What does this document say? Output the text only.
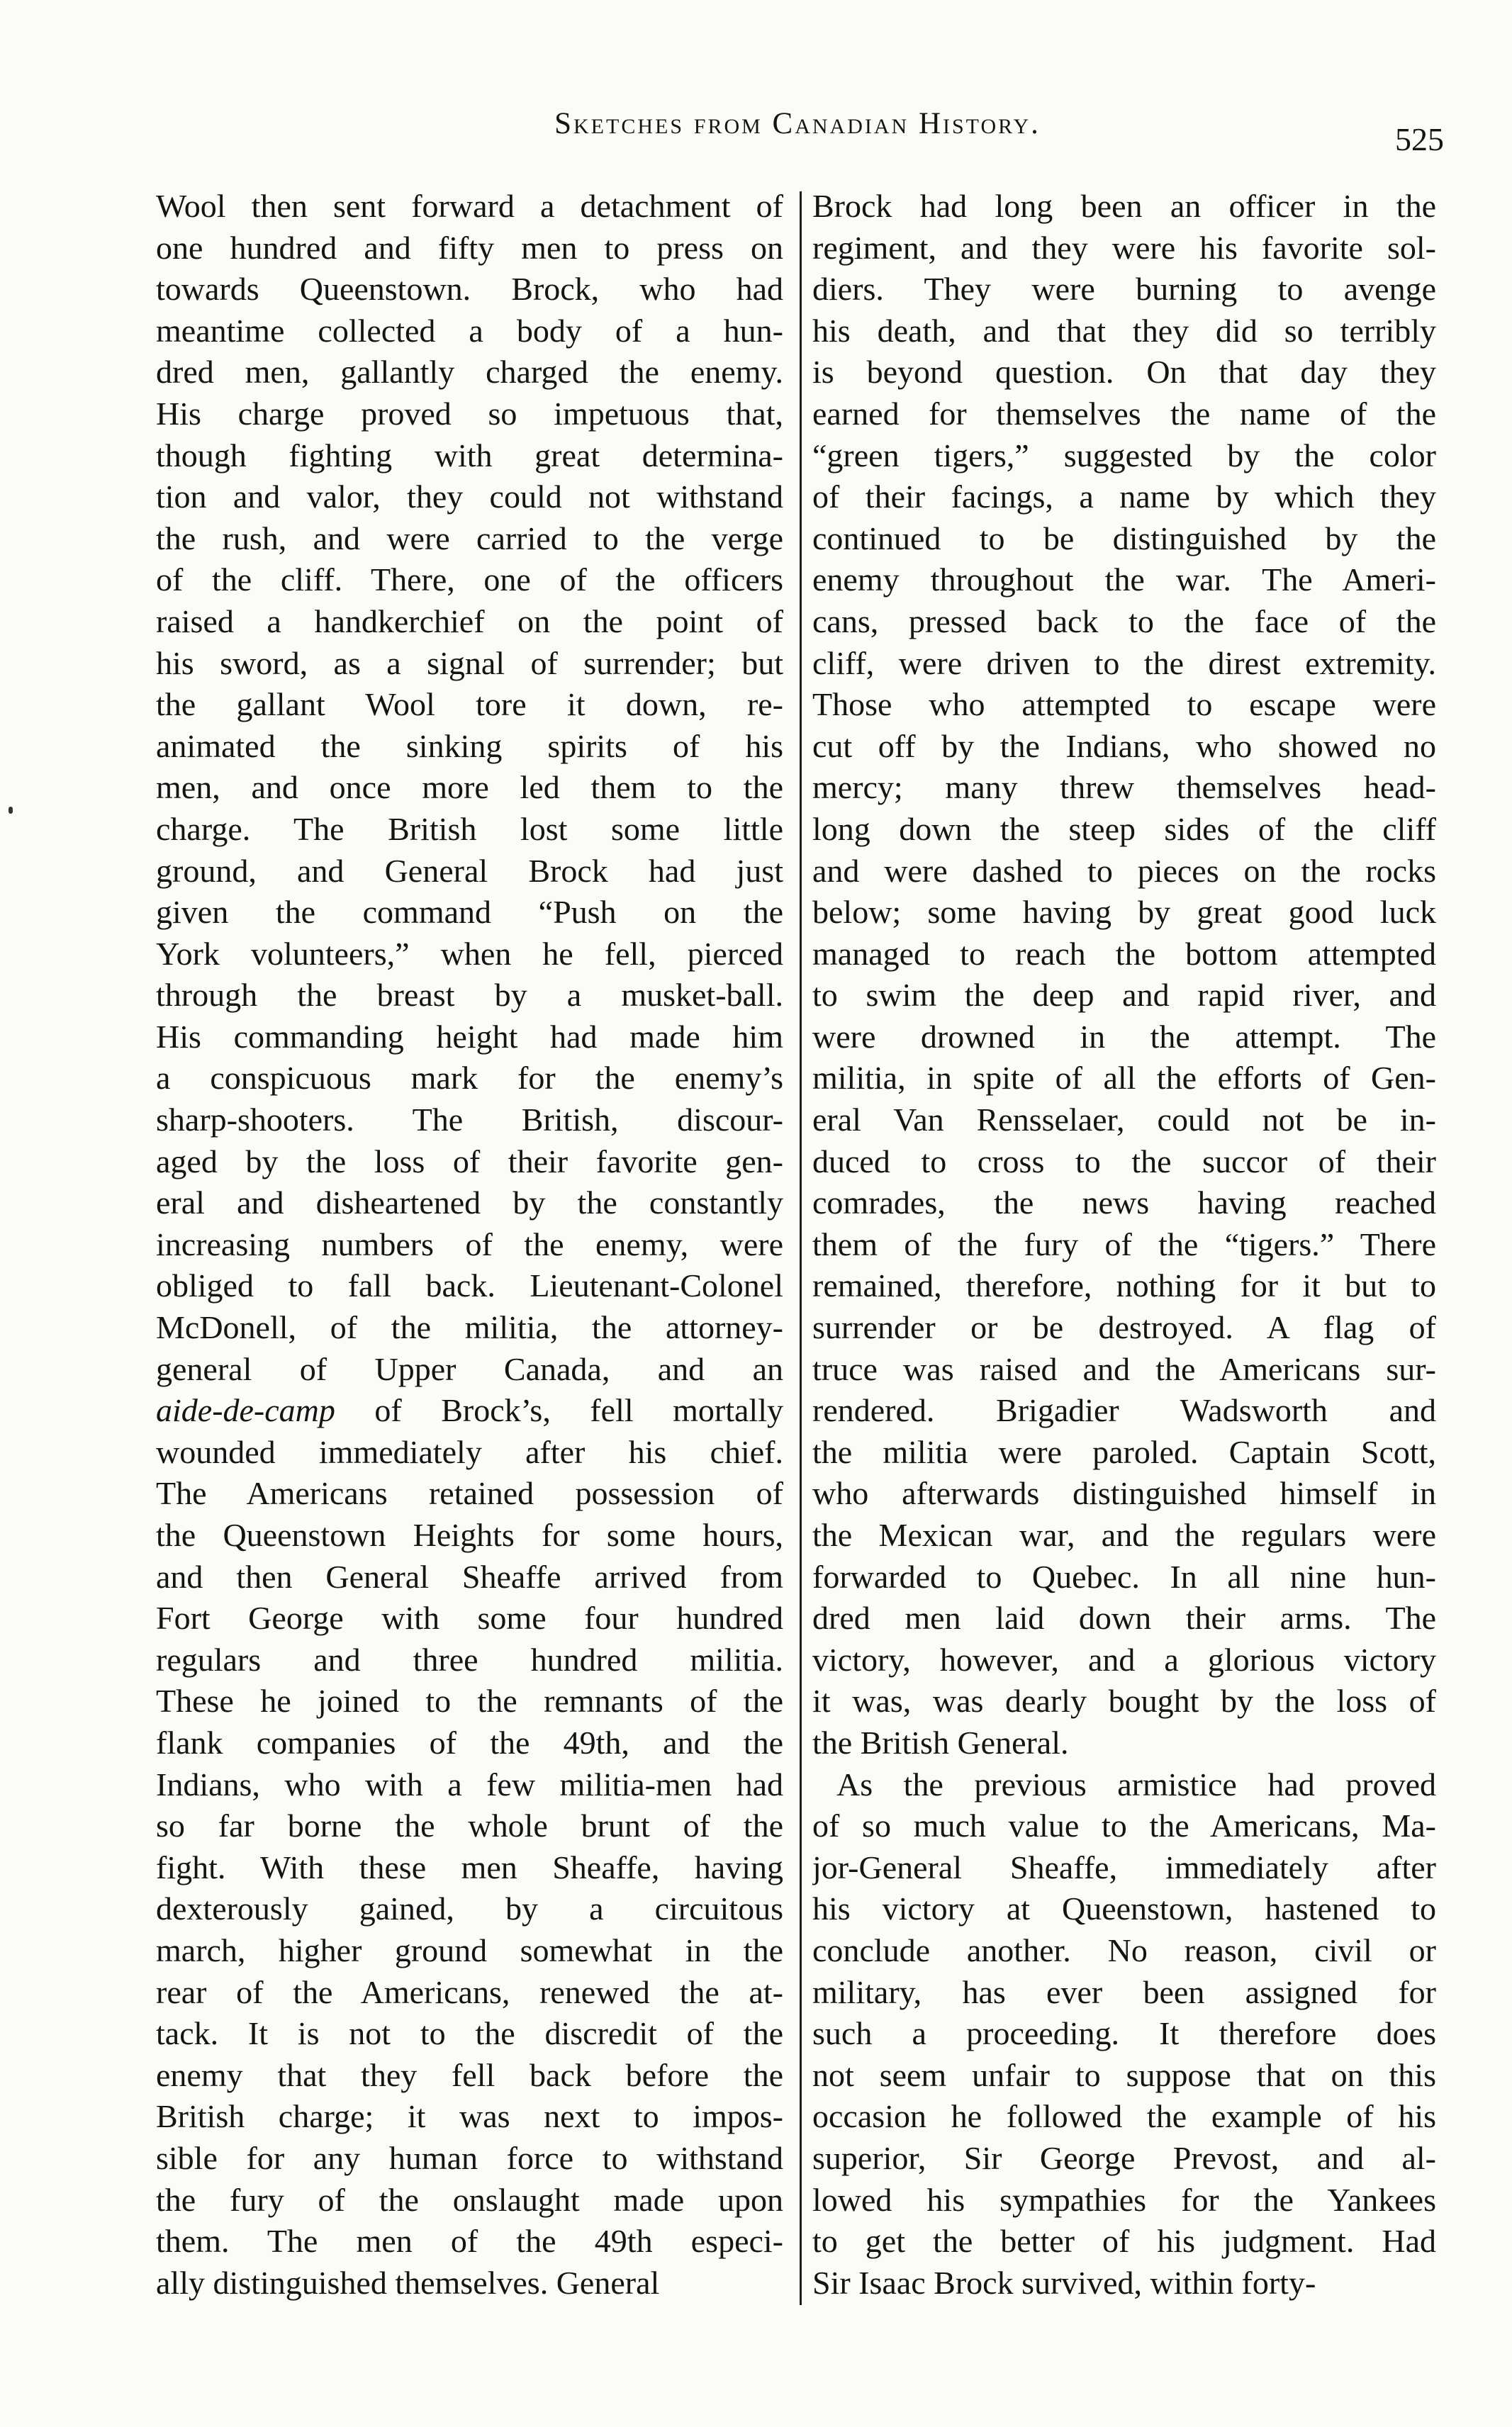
Sketches from Canadian History.	525
Wool then sent forward a detachment of
one hundred and fifty men to press on
towards Queenstown. Brock, who had
meantime collected a body of a hun-
dred men, gallantly charged the enemy.
His charge proved so impetuous that,
though fighting with great determina-
tion and valor, they could not withstand
the rush, and were carried to the verge
of the cliff. There, one of the officers
raised a handkerchief on the point of
his sword, as a signal of surrender; but
the gallant Wool tore it down, re-
animated the sinking spirits of his
men, and once more led them to the
charge. The British lost some little
ground, and General Brock had just
given the command “Push on the
York volunteers,” when he fell, pierced
through the breast by a musket-ball.
His commanding height had made him
a conspicuous mark for the enemy’s
sharp-shooters. The British, discour-
aged by the loss of their favorite gen-
eral and disheartened by the constantly
increasing numbers of the enemy, were
obliged to fall back. Lieutenant-Colonel
McDonell, of the militia, the attorney-
general of Upper Canada, and an
aide-de-camp of Brock’s, fell mortally
wounded immediately after his chief.
The Americans retained possession of
the Queenstown Heights for some hours,
and then General Sheaffe arrived from
Fort George with some four hundred
regulars and three hundred militia.
These he joined to the remnants of the
flank companies of the 49th, and the
Indians, who with a few militia-men had
so far borne the whole brunt of the
fight. With these men Sheaffe, having
dexterously gained, by a circuitous
march, higher ground somewhat in the
rear of the Americans, renewed the at-
tack. It is not to the discredit of the
enemy that they fell back before the
British charge; it was next to impos-
sible for any human force to withstand
the fury of the onslaught made upon
them. The men of the 49th especi-
ally distinguished themselves. General
Brock had long been an officer in the
regiment, and they were his favorite sol-
diers. They were burning to avenge
his death, and that they did so terribly
is beyond question. On that day they
earned for themselves the name of the
“green tigers,” suggested by the color
of their facings, a name by which they
continued to be distinguished by the
enemy throughout the war. The Ameri-
cans, pressed back to the face of the
cliff, were driven to the direst extremity.
Those who attempted to escape were
cut off by the Indians, who showed no
mercy; many threw themselves head-
long down the steep sides of the cliff
and were dashed to pieces on the rocks
below; some having by great good luck
managed to reach the bottom attempted
to swim the deep and rapid river, and
were drowned in the attempt. The
militia, in spite of all the efforts of Gen-
eral Van Rensselaer, could not be in-
duced to cross to the succor of their
comrades, the news having reached
them of the fury of the “tigers.” There
remained, therefore, nothing for it but to
surrender or be destroyed. A flag of
truce was raised and the Americans sur-
rendered. Brigadier Wadsworth and
the militia were paroled. Captain Scott,
who afterwards distinguished himself in
the Mexican war, and the regulars were
forwarded to Quebec. In all nine hun-
dred men laid down their arms. The
victory, however, and a glorious victory
it was, was dearly bought by the loss of
the British General.
As the previous armistice had proved
of so much value to the Americans, Ma-
jor-General Sheaffe, immediately after
his victory at Queenstown, hastened to
conclude another. No reason, civil or
military, has ever been assigned for
such a proceeding. It therefore does
not seem unfair to suppose that on this
occasion he followed the example of his
superior, Sir George Prevost, and al-
lowed his sympathies for the Yankees
to get the better of his judgment. Had
Sir Isaac Brock survived, within forty-
